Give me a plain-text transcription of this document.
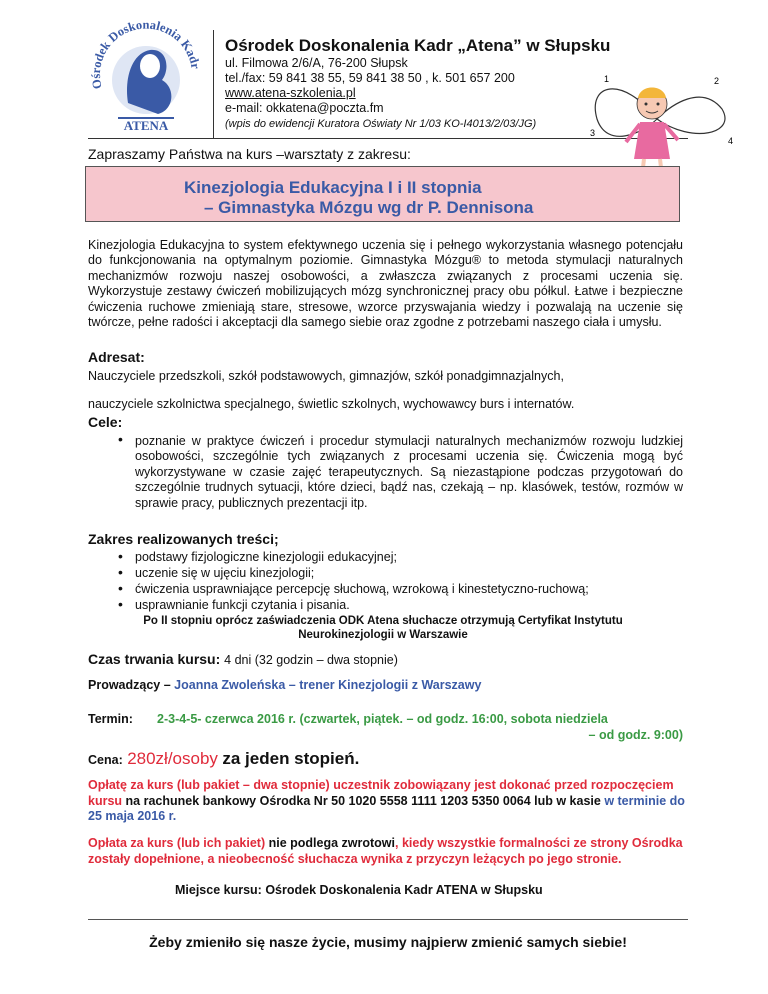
Ośrodek Doskonalenia Kadr
ATENA
Ośrodek Doskonalenia Kadr „Atena” w Słupsku
ul. Filmowa 2/6/A, 76-200 Słupsk
tel./fax: 59 841 38 55, 59 841 38 50 , k. 501 657 200
www.atena-szkolenia.pl
e-mail: okkatena@poczta.fm
(wpis do ewidencji Kuratora Oświaty Nr 1/03 KO-I4013/2/03/JG)
1	2
3
4
Zapraszamy Państwa na kurs –warsztaty z zakresu:
Kinezjologia Edukacyjna I i II stopnia
– Gimnastyka Mózgu wg dr P. Dennisona

Kinezjologia Edukacyjna to system efektywnego uczenia się i pełnego wykorzystania własnego potencjału do funkcjonowania na optymalnym poziomie. Gimnastyka Mózgu® to metoda stymulacji naturalnych mechanizmów rozwoju naszej osobowości, a zwłaszcza związanych z procesami uczenia się. Wykorzystuje zestawy ćwiczeń mobilizujących mózg synchronicznej pracy obu półkul. Łatwe i bezpieczne ćwiczenia ruchowe zmieniają stare, stresowe, wzorce przyswajania wiedzy i pozwalają na uczenie się twórcze, pełne radości i akceptacji dla samego siebie oraz zgodne z potrzebami naszego ciała i umysłu.

Adresat:
Nauczyciele przedszkoli, szkół podstawowych, gimnazjów, szkół ponadgimnazjalnych,
nauczyciele szkolnictwa specjalnego, świetlic szkolnych, wychowawcy burs i internatów.
Cele:
• poznanie w praktyce ćwiczeń i procedur stymulacji naturalnych mechanizmów rozwoju ludzkiej osobowości, szczególnie tych związanych z procesami uczenia się. Ćwiczenia mogą być wykorzystywane w czasie zajęć terapeutycznych. Są niezastąpione podczas przygotowań do szczególnie trudnych sytuacji, które dzieci, bądź nas, czekają – np. klasówek, testów, rozmów w sprawie pracy, publicznych prezentacji itp.

Zakres realizowanych treści;
• podstawy fizjologiczne kinezjologii edukacyjnej;
• uczenie się w ujęciu kinezjologii;
• ćwiczenia usprawniające percepcję słuchową, wzrokową i kinestetyczno-ruchową;
• usprawnianie funkcji czytania i pisania.
Po II stopniu oprócz zaświadczenia ODK Atena słuchacze otrzymują Certyfikat Instytutu Neurokinezjologii w Warszawie
Czas trwania kursu: 4 dni (32 godzin – dwa stopnie)
Prowadzący – Joanna Zwoleńska – trener Kinezjologii z Warszawy
Termin: 2-3-4-5- czerwca 2016 r. (czwartek, piątek. – od godz. 16:00, sobota niedziela
– od godz. 9:00)
Cena: 280zł/osoby za jeden stopień.

Opłatę za kurs (lub pakiet – dwa stopnie) uczestnik zobowiązany jest dokonać przed rozpoczęciem kursu na rachunek bankowy Ośrodka Nr 50 1020 5558 1111 1203 5350 0064 lub w kasie w terminie do 25 maja 2016 r.

Opłata za kurs (lub ich pakiet) nie podlega zwrotowi, kiedy wszystkie formalności ze strony Ośrodka zostały dopełnione, a nieobecność słuchacza wynika z przyczyn leżących po jego stronie.

Miejsce kursu: Ośrodek Doskonalenia Kadr ATENA w Słupsku
Żeby zmieniło się nasze życie, musimy najpierw zmienić samych siebie!
